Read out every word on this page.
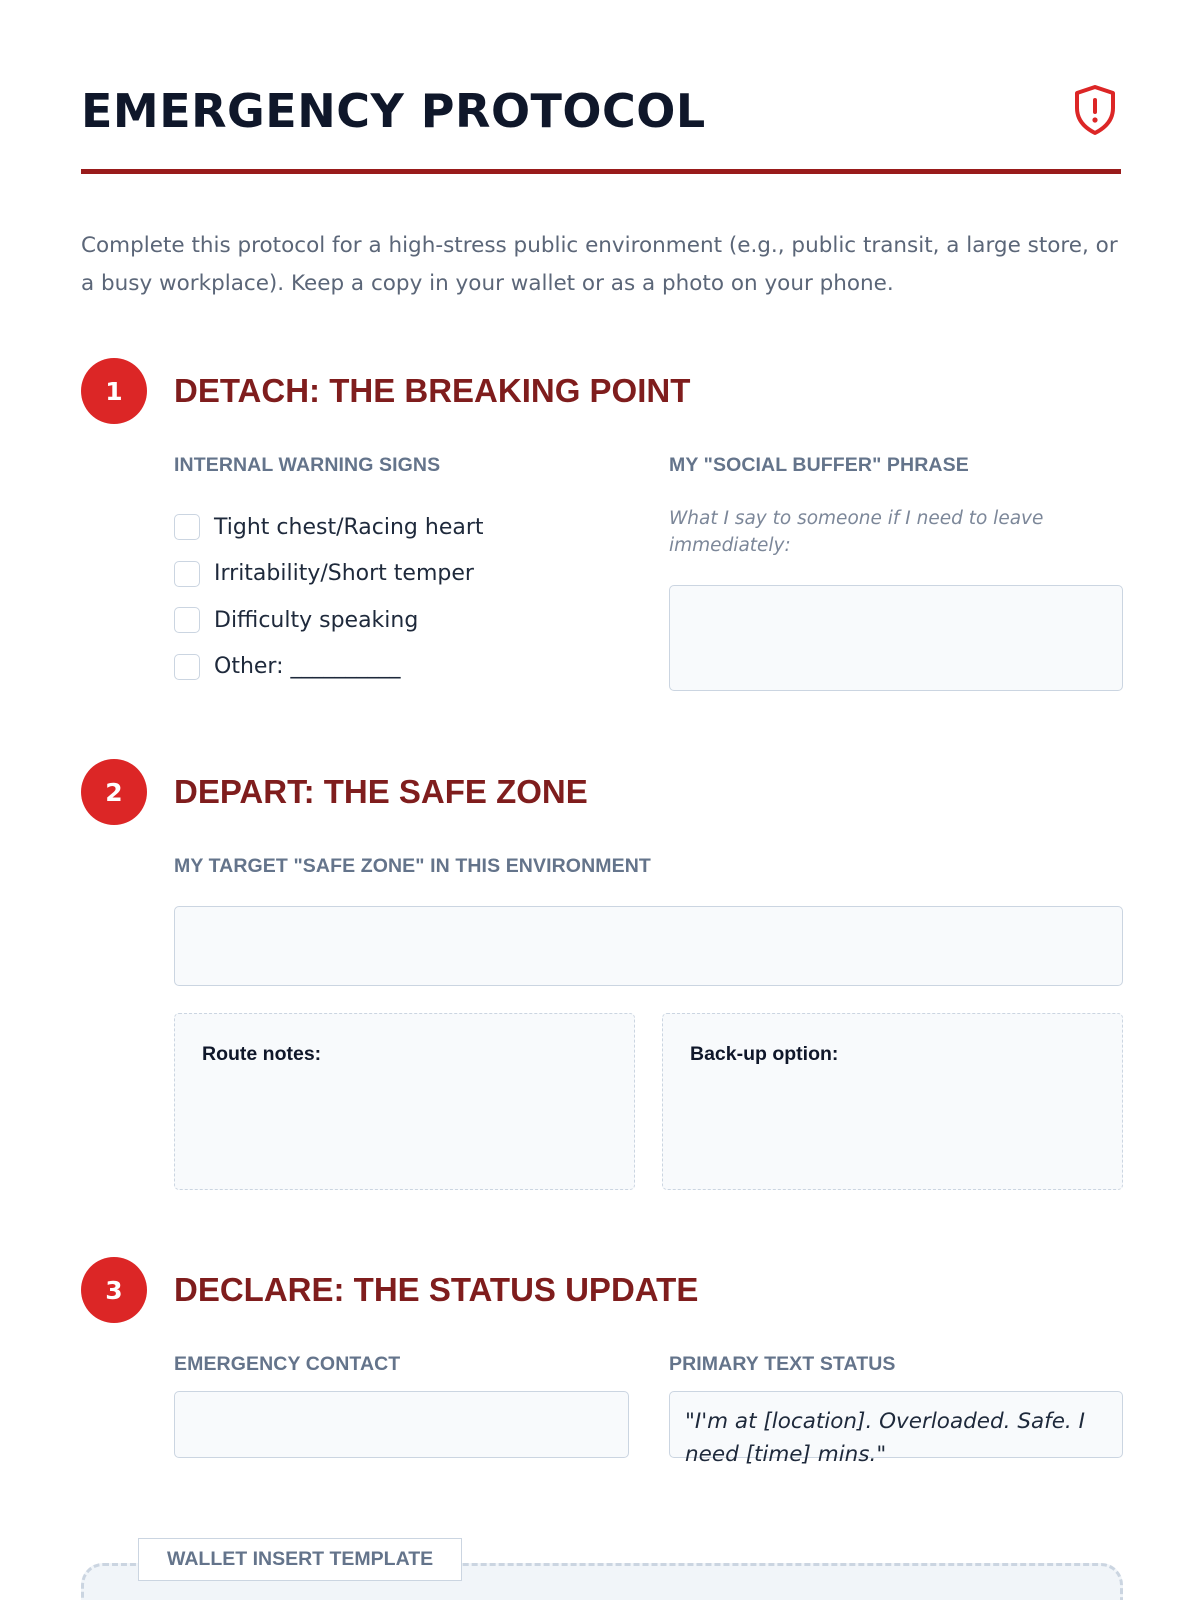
EMERGENCY PROTOCOL

Complete this protocol for a high-stress public environment (e.g., public transit, a large store, or a busy workplace). Keep a copy in your wallet or as a photo on your phone.

1	DETACH: THE BREAKING POINT
INTERNAL WARNING SIGNS
Tight chest/Racing heart
Irritability/Short temper
Difficulty speaking
Other: __________
MY "SOCIAL BUFFER" PHRASE
What I say to someone if I need to leave immediately:
2	DEPART: THE SAFE ZONE
MY TARGET "SAFE ZONE" IN THIS ENVIRONMENT
Route notes:	Back-up option:
3	DECLARE: THE STATUS UPDATE
EMERGENCY CONTACT	PRIMARY TEXT STATUS
"I'm at [location]. Overloaded. Safe. I need [time] mins."
WALLET INSERT TEMPLATE
